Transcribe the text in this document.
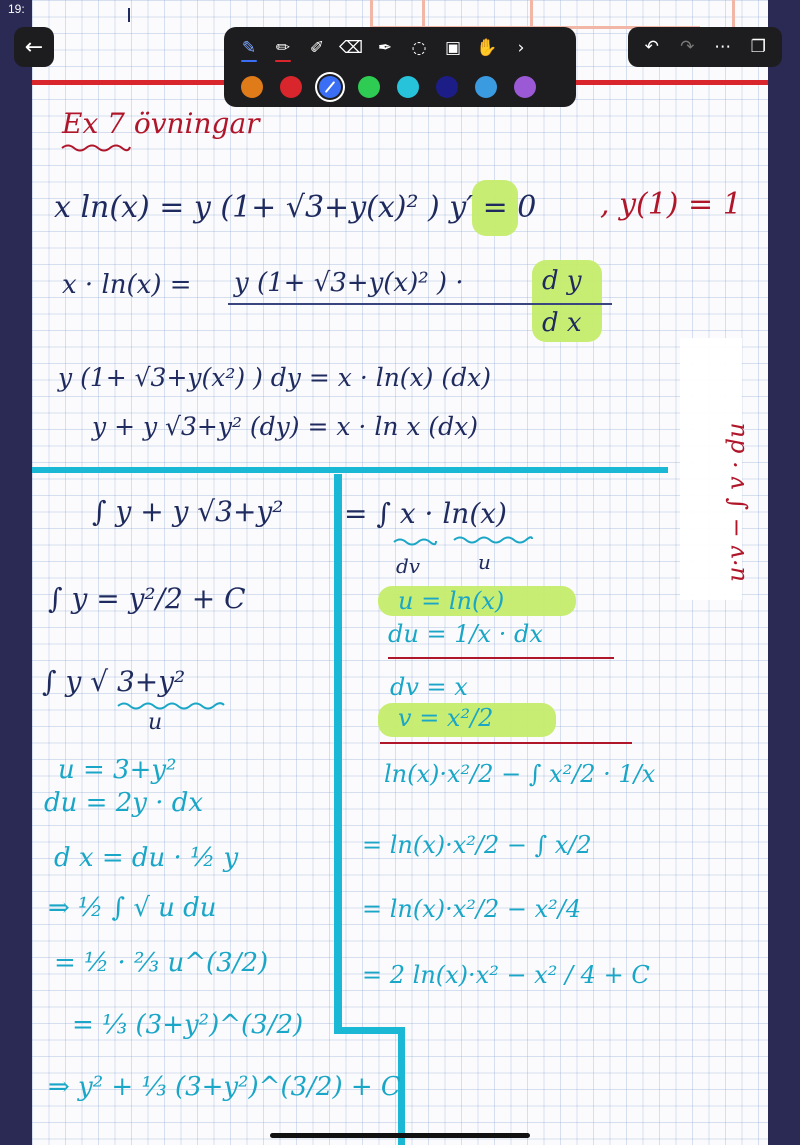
19:
Ex 7 övningar
x ln(x) = y (1+ √3+y(x)² ) y′ = 0 , y(1) = 1
x · ln(x) = y (1+ √3+y(x)² ) ·	d y
d x
y (1+ √3+y(x²) ) dy = x · ln(x) (dx)
y + y √3+y² (dy) = x · ln x (dx)	u·v − ∫ v · du
∫ y + y √3+y²
∫ y = y²/2 + C
∫ y √ 3+y²
u
u = 3+y²
du = 2y · dx
d x = du · ½ y
⇒ ½ ∫ √ u du
= ½ · ⅔ u^(3/2)
= ⅓ (3+y²)^(3/2)
⇒ y² + ⅓ (3+y²)^(3/2) + C
= ∫ x · ln(x)
dv	u
u = ln(x)
du = 1/x · dx
dv = x
v = x²/2
ln(x)·x²/2 − ∫ x²/2 · 1/x
= ln(x)·x²/2 − ∫ x/2
= ln(x)·x²/2 − x²/4
= 2 ln(x)·x² − x² / 4 + C
←	✎	✏	✐ ⌫ ✒	◌	▣ ✋	›	↶	↷	⋯	❐
